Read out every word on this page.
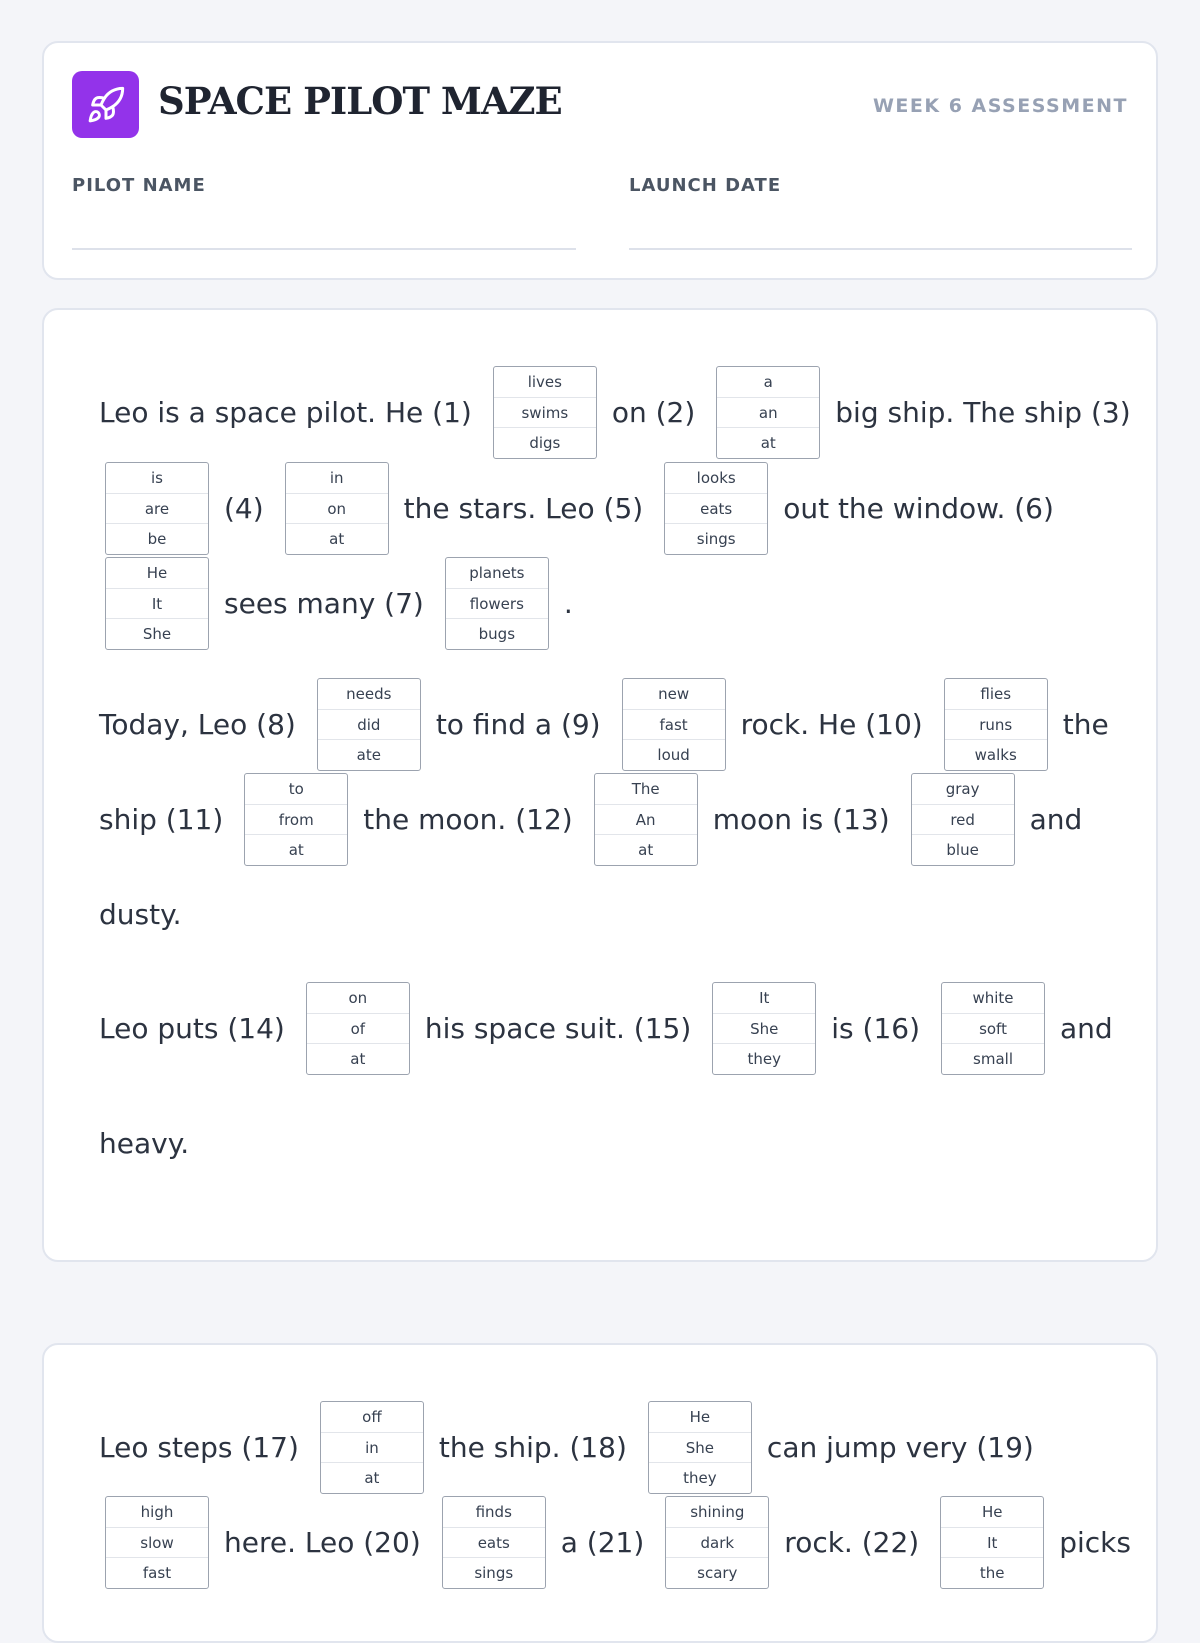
SPACE PILOT MAZE	WEEK 6 ASSESSMENT
PILOT NAME	LAUNCH DATE
Leo is a space pilot. He (1)
lives
swims
digs
on (2)
a
an
at
big ship. The ship (3)
is
are
be
(4)
in
on
at
the stars. Leo (5)
looks
eats
sings
out the window. (6)
He
It
She
sees many (7)
planets
flowers
bugs
.
Today, Leo (8)
needs
did
ate
to find a (9)
new
fast
loud
rock. He (10)
flies
runs
walks
the
ship (11)
to
from
at
the moon. (12)
The
An
at
moon is (13)
gray
red
blue
and
dusty.
Leo puts (14)
on
of
at
his space suit. (15)
It
She
they
is (16)
white
soft
small
and
heavy.
Leo steps (17)
off
in
at
the ship. (18)
He
She
they
can jump very (19)
high
slow
fast
here. Leo (20)
finds
eats
sings
a (21)
shining
dark
scary
rock. (22)
He
It
the
picks
